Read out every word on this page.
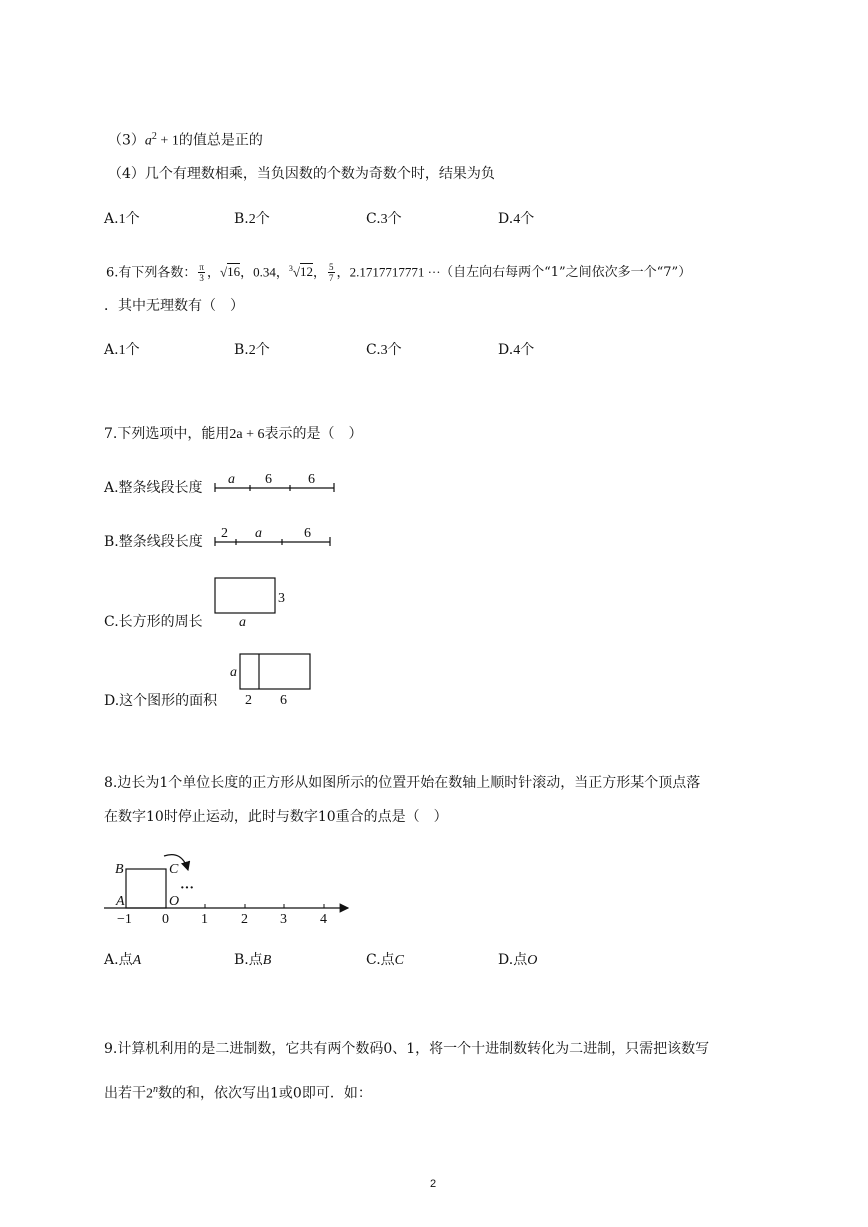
$(3)a^2 + 1$的值总是正的
（4）几个有理数相乘，当负因数的个数为奇数个时，结果为负
A.1个	B.2个	C.3个	D.4个
6.有下列各数： $\frac{\pi}{3}$ ，√16，0.34，$^3$√12， $\frac{5}{7}$ ，2.1717717771 ··· （自左向右每两个“1”之间依次多一个“7”）
．其中无理数有（　）
A.1个	B.2个	C.3个	D.4个
7.下列选项中，能用2a + 6表示的是（　）
A.整条线段长度
a 6	6
B.整条线段长度
2 a	6
C.长方形的周长
3
a
D.这个图形的面积
a
2 6
8.边长为1个单位长度的正方形从如图所示的位置开始在数轴上顺时针滚动，当正方形某个顶点落
在数字10时停止运动，此时与数字10重合的点是（　）
−1 0 1 2 3 4
A
B	C
O
···
A.点A	B.点B	C.点C	D.点O
9.计算机利用的是二进制数，它共有两个数码0、1，将一个十进制数转化为二进制，只需把该数写
出若干2$^n$数的和，依次写出1或0即可．如：
2
